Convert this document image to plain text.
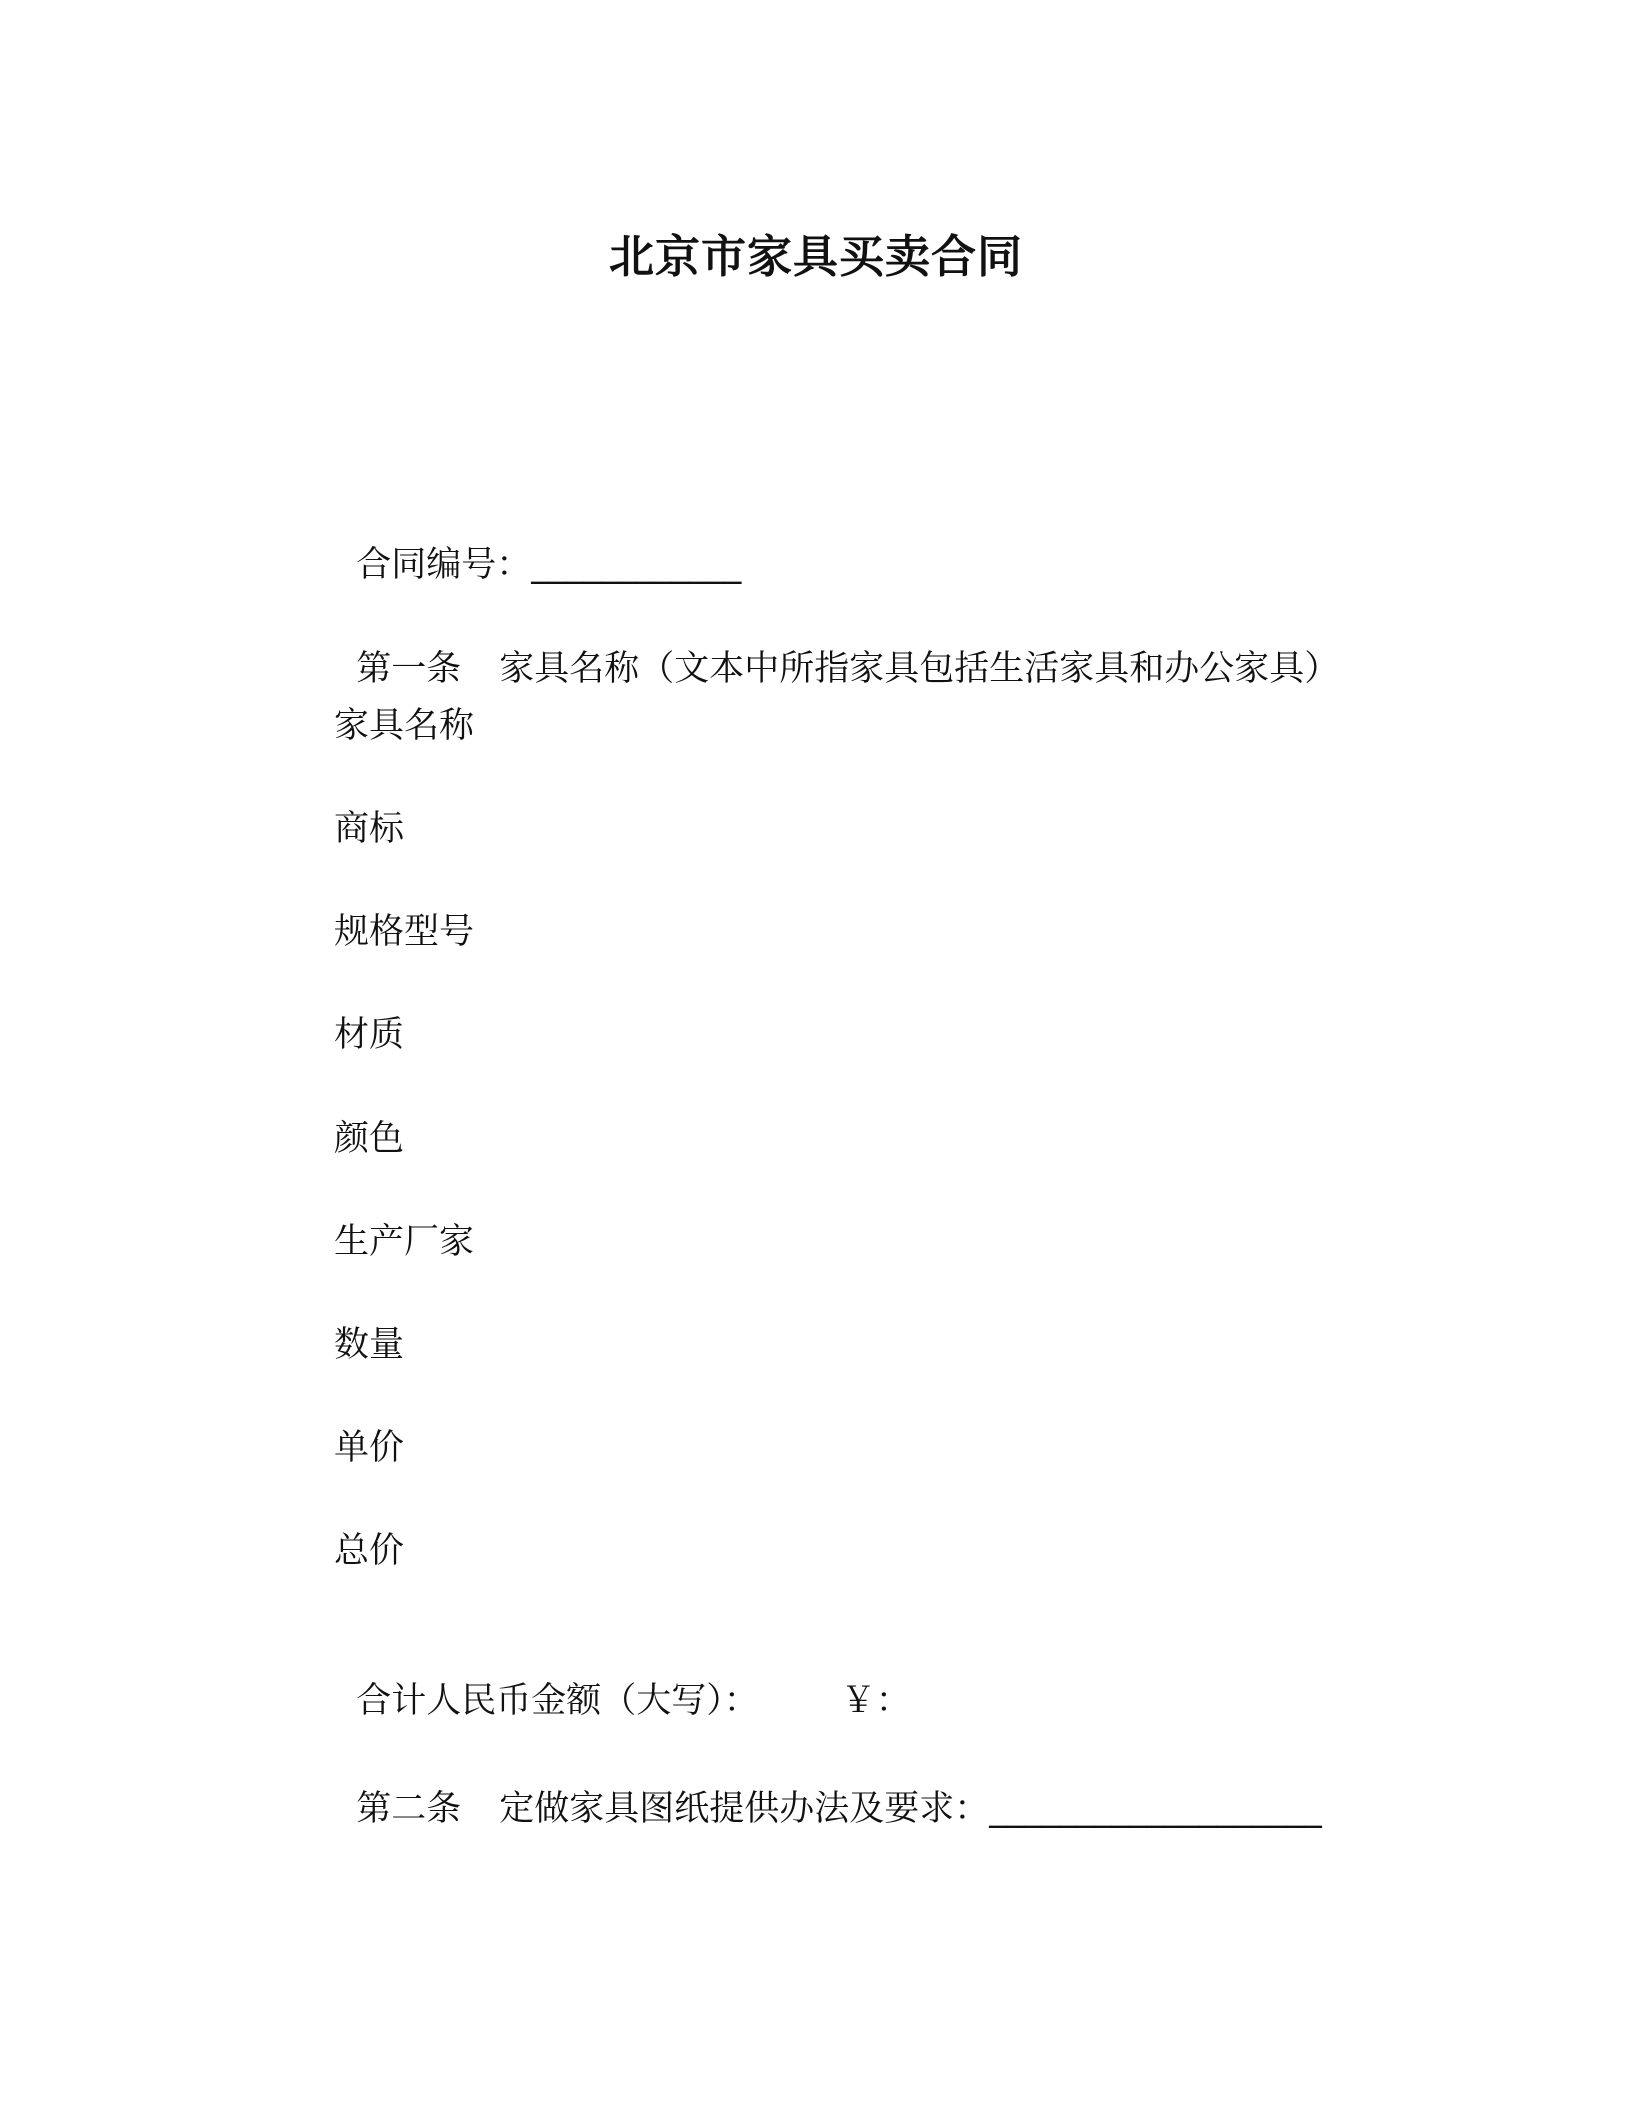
北京市家具买卖合同

合同编号：____________

第一条 家具名称（文本中所指家具包括生活家具和办公家具）

家具名称
商标
规格型号
材质
颜色
生产厂家
数量
单价
总价

合计人民币金额（大写）： ￥：

第二条 定做家具图纸提供办法及要求：___________________
